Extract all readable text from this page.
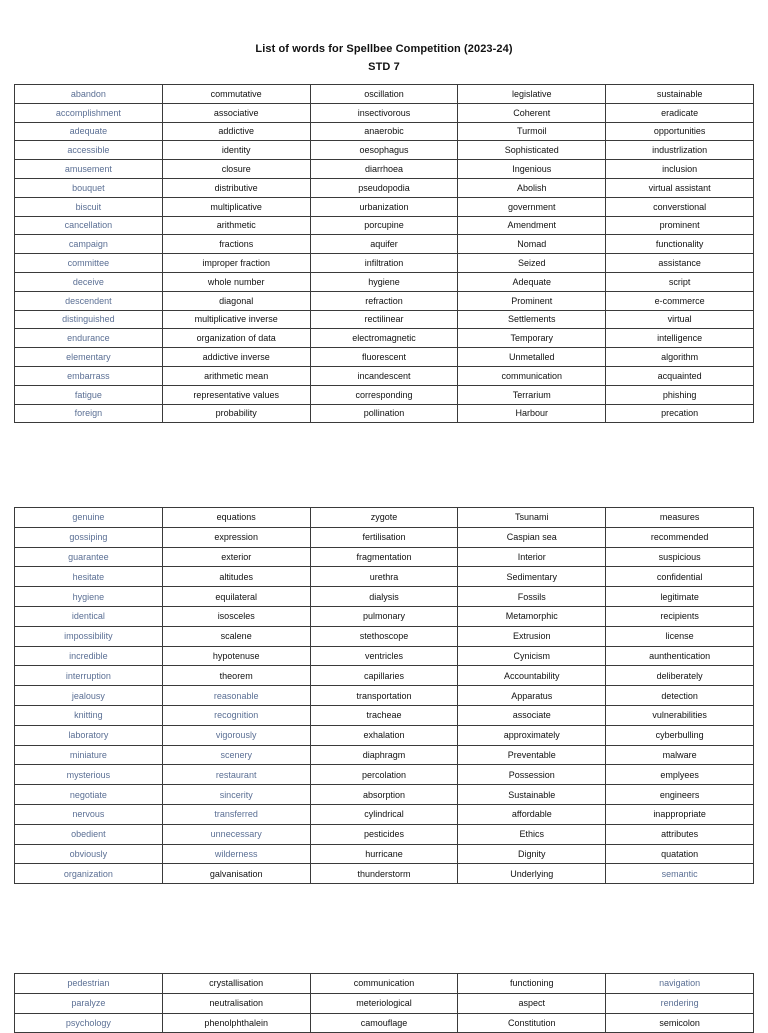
List of words for Spellbee Competition (2023-24)
STD 7
abandon	commutative	oscillation	legislative	sustainable
accomplishment	associative	insectivorous	Coherent	eradicate
adequate	addictive	anaerobic	Turmoil	opportunities
accessible	identity	oesophagus	Sophisticated	industrlization
amusement	closure	diarrhoea	Ingenious	inclusion
bouquet	distributive	pseudopodia	Abolish	virtual assistant
biscuit	multiplicative	urbanization	government	converstional
cancellation	arithmetic	porcupine	Amendment	prominent
campaign	fractions	aquifer	Nomad	functionality
committee	improper fraction	infiltration	Seized	assistance
deceive	whole number	hygiene	Adequate	script
descendent	diagonal	refraction	Prominent	e-commerce
distinguished	multiplicative inverse	rectilinear	Settlements	virtual
endurance	organization of data	electromagnetic	Temporary	intelligence
elementary	addictive inverse	fluorescent	Unmetalled	algorithm
embarrass	arithmetic mean	incandescent	communication	acquainted
fatigue	representative values	corresponding	Terrarium	phishing
foreign	probability	pollination	Harbour	precation
genuine	equations	zygote	Tsunami	measures
gossiping	expression	fertilisation	Caspian sea	recommended
guarantee	exterior	fragmentation	Interior	suspicious
hesitate	altitudes	urethra	Sedimentary	confidential
hygiene	equilateral	dialysis	Fossils	legitimate
identical	isosceles	pulmonary	Metamorphic	recipients
impossibility	scalene	stethoscope	Extrusion	license
incredible	hypotenuse	ventricles	Cynicism	aunthentication
interruption	theorem	capillaries	Accountability	deliberately
jealousy	reasonable	transportation	Apparatus	detection
knitting	recognition	tracheae	associate	vulnerabilities
laboratory	vigorously	exhalation	approximately	cyberbulling
miniature	scenery	diaphragm	Preventable	malware
mysterious	restaurant	percolation	Possession	emplyees
negotiate	sincerity	absorption	Sustainable	engineers
nervous	transferred	cylindrical	affordable	inappropriate
obedient	unnecessary	pesticides	Ethics	attributes
obviously	wilderness	hurricane	Dignity	quatation
organization	galvanisation	thunderstorm	Underlying	semantic
pedestrian	crystallisation	communication	functioning	navigation
paralyze	neutralisation	meteriological	aspect	rendering
psychology	phenolphthalein	camouflage	Constitution	semicolon
